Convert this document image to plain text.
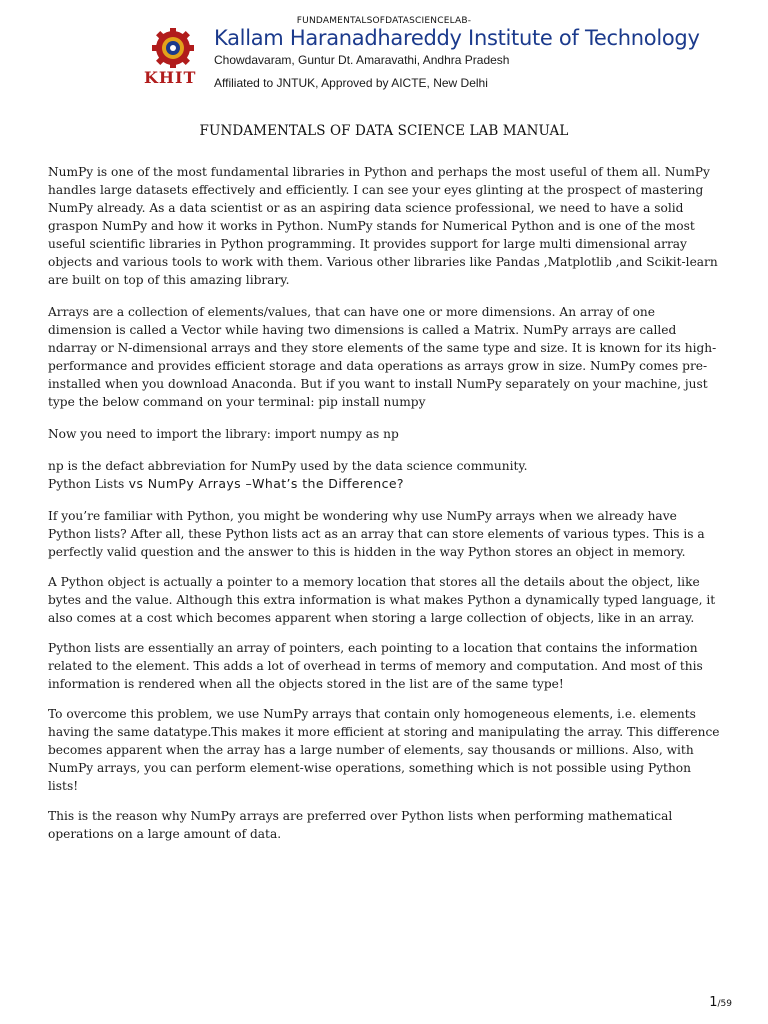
FUNDAMENTALSOFDATASCIENCELAB-
KHIT
Kallam Haranadhareddy Institute of Technology
Chowdavaram, Guntur Dt. Amaravathi, Andhra Pradesh
Affiliated to JNTUK, Approved by AICTE, New Delhi
FUNDAMENTALS OF DATA SCIENCE LAB MANUAL

NumPy is one of the most fundamental libraries in Python and perhaps the most useful of them all. NumPy handles large datasets effectively and efficiently. I can see your eyes glinting at the prospect of mastering NumPy already. As a data scientist or as an aspiring data science professional, we need to have a solid graspon NumPy and how it works in Python. NumPy stands for Numerical Python and is one of the most useful scientific libraries in Python programming. It provides support for large multi dimensional array objects and various tools to work with them. Various other libraries like Pandas ,Matplotlib ,and Scikit-learn are built on top of this amazing library.

Arrays are a collection of elements/values, that can have one or more dimensions. An array of one dimension is called a Vector while having two dimensions is called a Matrix. NumPy arrays are called ndarray or N-dimensional arrays and they store elements of the same type and size. It is known for its high-performance and provides efficient storage and data operations as arrays grow in size. NumPy comes pre-installed when you download Anaconda. But if you want to install NumPy separately on your machine, just type the below command on your terminal: pip install numpy

Now you need to import the library: import numpy as np

np is the defact abbreviation for NumPy used by the data science community.

Python Lists vs NumPy Arrays –What’s the Difference?

If you’re familiar with Python, you might be wondering why use NumPy arrays when we already have Python lists? After all, these Python lists act as an array that can store elements of various types. This is a perfectly valid question and the answer to this is hidden in the way Python stores an object in memory.

A Python object is actually a pointer to a memory location that stores all the details about the object, like bytes and the value. Although this extra information is what makes Python a dynamically typed language, it also comes at a cost which becomes apparent when storing a large collection of objects, like in an array.

Python lists are essentially an array of pointers, each pointing to a location that contains the information related to the element. This adds a lot of overhead in terms of memory and computation. And most of this information is rendered when all the objects stored in the list are of the same type!

To overcome this problem, we use NumPy arrays that contain only homogeneous elements, i.e. elements having the same datatype.This makes it more efficient at storing and manipulating the array. This difference becomes apparent when the array has a large number of elements, say thousands or millions. Also, with NumPy arrays, you can perform element-wise operations, something which is not possible using Python lists!

This is the reason why NumPy arrays are preferred over Python lists when performing mathematical operations on a large amount of data.

1/59
